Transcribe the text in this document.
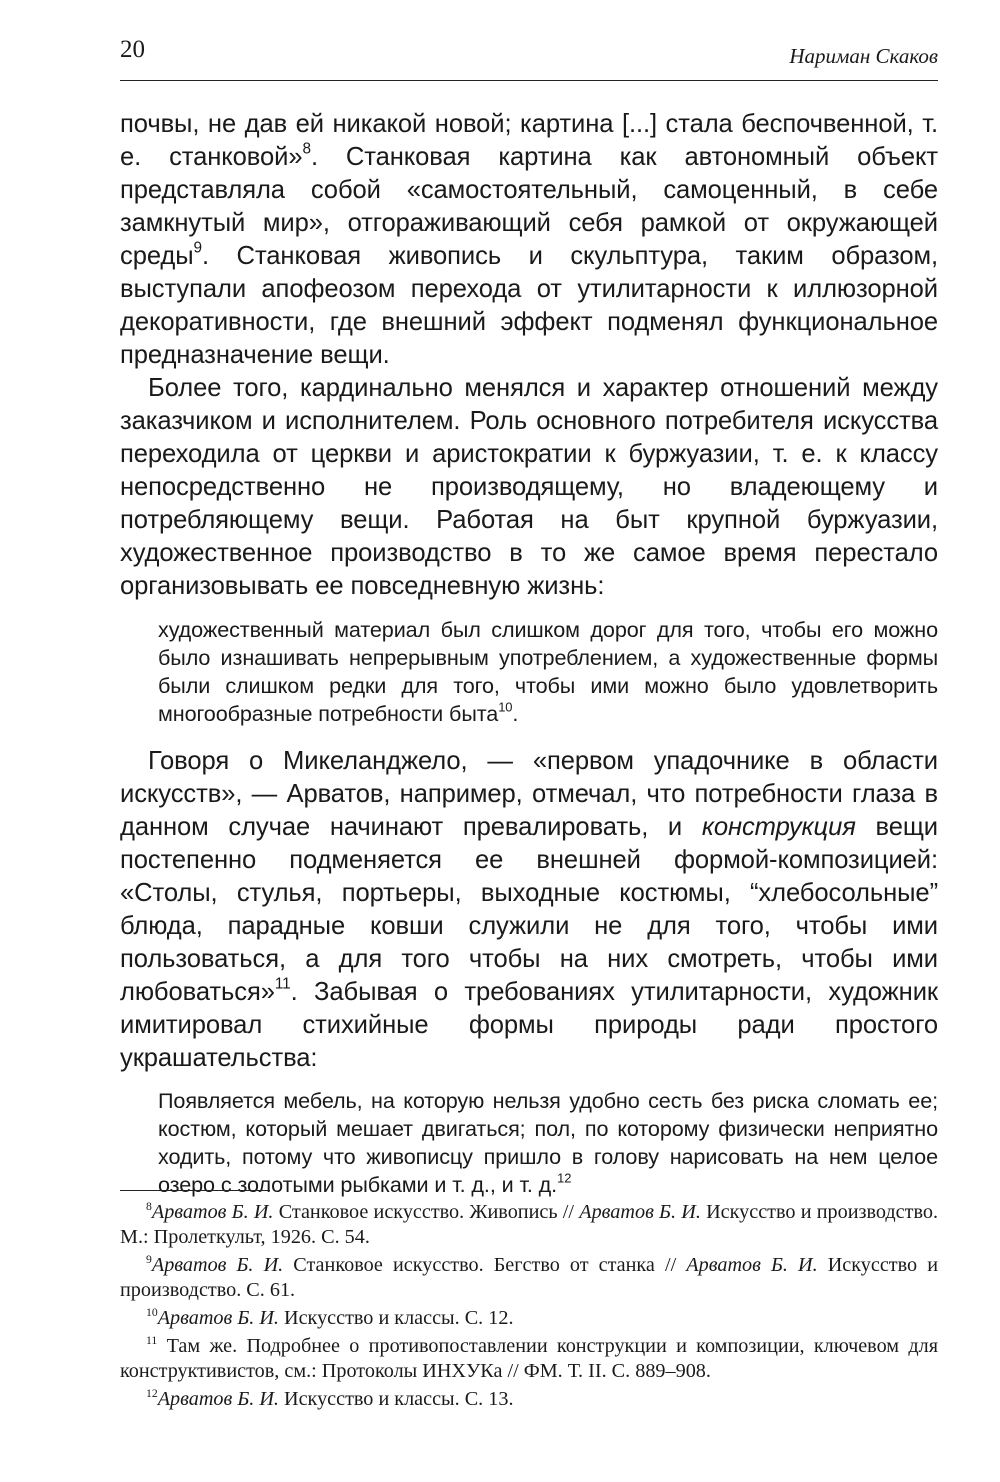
20	Нариман Скаков

почвы, не дав ей никакой новой; картина [...] стала беспочвенной, т. е. станковой»$^8$. Станковая картина как автономный объект представляла собой «самостоятельный, самоценный, в себе замкнутый мир», отгораживающий себя рамкой от окружающей среды$^9$. Станковая живопись и скульптура, таким образом, выступали апофеозом перехода от утилитарности к иллюзорной декоративности, где внешний эффект подменял функциональное предназначение вещи.

Более того, кардинально менялся и характер отношений между заказчиком и исполнителем. Роль основного потребителя искусства переходила от церкви и аристократии к буржуазии, т. е. к классу непосредственно не производящему, но владеющему и потребляющему вещи. Работая на быт крупной буржуазии, художественное производство в то же самое время перестало организовывать ее повседневную жизнь:

художественный материал был слишком дорог для того, чтобы его можно было изнашивать непрерывным употреблением, а художественные формы были слишком редки для того, чтобы ими можно было удовлетворить многообразные потребности быта$^{10}$.

Говоря о Микеланджело, — «первом упадочнике в области искусств», — Арватов, например, отмечал, что потребности глаза в данном случае начинают превалировать, и конструкция вещи постепенно подменяется ее внешней формой-композицией: «Столы, стулья, портьеры, выходные костюмы, “хлебосольные” блюда, парадные ковши служили не для того, чтобы ими пользоваться, а для того чтобы на них смотреть, чтобы ими любоваться»$^{11}$. Забывая о требованиях утилитарности, художник имитировал стихийные формы природы ради простого украшательства:

Появляется мебель, на которую нельзя удобно сесть без риска сломать ее; костюм, который мешает двигаться; пол, по которому физически неприятно ходить, потому что живописцу пришло в голову нарисовать на нем целое озеро с золотыми рыбками и т. д., и т. д.$^{12}$

$^8$Арватов Б. И. Станковое искусство. Живопись // Арватов Б. И. Искусство и производство. М.: Пролеткульт, 1926. С. 54.

$^9$Арватов Б. И. Станковое искусство. Бегство от станка // Арватов Б. И. Искусство и производство. С. 61.

$^{10}$Арватов Б. И. Искусство и классы. С. 12.

$^{11}$ Там же. Подробнее о противопоставлении конструкции и композиции, ключевом для конструктивистов, см.: Протоколы ИНХУКа // ФМ. Т. II. С. 889–908.

$^{12}$Арватов Б. И. Искусство и классы. С. 13.
